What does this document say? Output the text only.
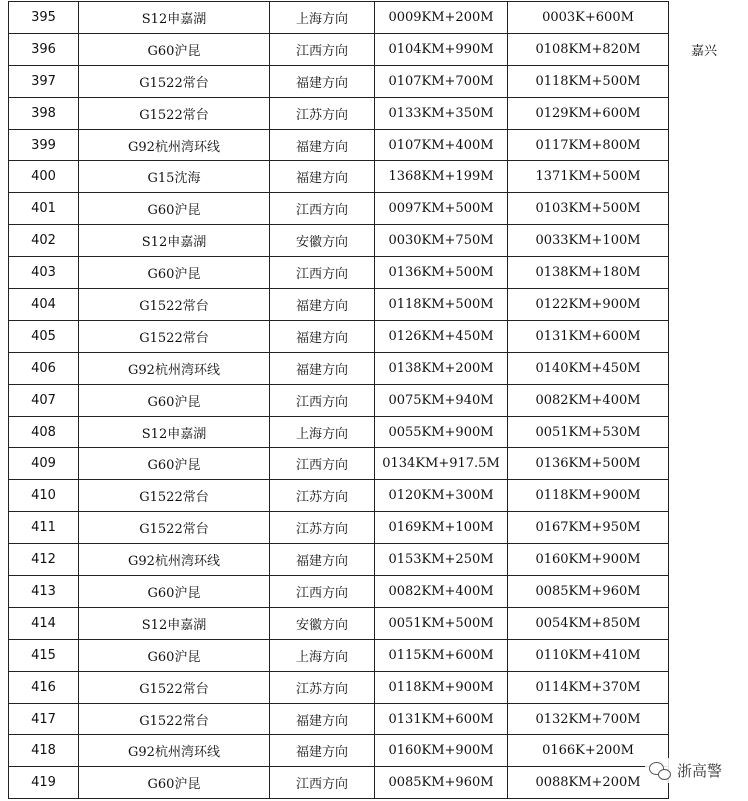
395	S12申嘉湖	上海方向	0009KM+200M	0003K+600M	
396	G60沪昆	江西方向	0104KM+990M	0108KM+820M	嘉兴
397	G1522常台	福建方向	0107KM+700M	0118KM+500M	
398	G1522常台	江苏方向	0133KM+350M	0129KM+600M	
399	G92杭州湾环线	福建方向	0107KM+400M	0117KM+800M	
400	G15沈海	福建方向	1368KM+199M	1371KM+500M	
401	G60沪昆	江西方向	0097KM+500M	0103KM+500M	
402	S12申嘉湖	安徽方向	0030KM+750M	0033KM+100M	
403	G60沪昆	江西方向	0136KM+500M	0138KM+180M	
404	G1522常台	福建方向	0118KM+500M	0122KM+900M	
405	G1522常台	福建方向	0126KM+450M	0131KM+600M	
406	G92杭州湾环线	福建方向	0138KM+200M	0140KM+450M	
407	G60沪昆	江西方向	0075KM+940M	0082KM+400M	
408	S12申嘉湖	上海方向	0055KM+900M	0051KM+530M	
409	G60沪昆	江西方向	0134KM+917.5M	0136KM+500M	
410	G1522常台	江苏方向	0120KM+300M	0118KM+900M	
411	G1522常台	江苏方向	0169KM+100M	0167KM+950M	
412	G92杭州湾环线	福建方向	0153KM+250M	0160KM+900M	
413	G60沪昆	江西方向	0082KM+400M	0085KM+960M	
414	S12申嘉湖	安徽方向	0051KM+500M	0054KM+850M	
415	G60沪昆	上海方向	0115KM+600M	0110KM+410M	
416	G1522常台	江苏方向	0118KM+900M	0114KM+370M	
417	G1522常台	福建方向	0131KM+600M	0132KM+700M	
418	G92杭州湾环线	福建方向	0160KM+900M	0166K+200M	
419	G60沪昆	江西方向	0085KM+960M	0088KM+200M	
浙高警
